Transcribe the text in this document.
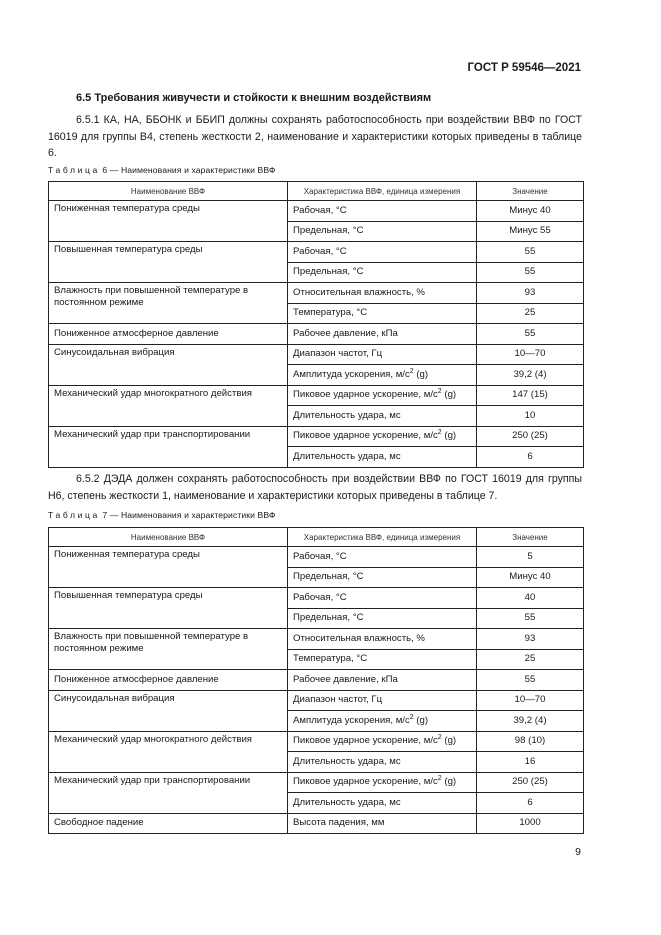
ГОСТ Р 59546—2021
6.5 Требования живучести и стойкости к внешним воздействиям

6.5.1 КА, НА, ББОНК и ББИП должны сохранять работоспособность при воздействии ВВФ по ГОСТ 16019 для группы В4, степень жесткости 2, наименование и характеристики которых приведены в таблице 6.

Таблица 6 — Наименования и характеристики ВВФ
Наименование ВВФ	Характеристика ВВФ, единица измерения	Значение
Пониженная температура среды	Рабочая, °С	Минус 40
	Предельная, °С	Минус 55
Повышенная температура среды	Рабочая, °С	55
	Предельная, °С	55
Влажность при повышенной температуре в постоянном режиме	Относительная влажность, %	93
	Температура, °С	25
Пониженное атмосферное давление	Рабочее давление, кПа	55
Синусоидальная вибрация	Диапазон частот, Гц	10—70
	Амплитуда ускорения, $м/с^2$ (g)	39,2 (4)
Механический удар многократного действия	Пиковое ударное ускорение, $м/с^2$ (g)	147 (15)
	Длительность удара, мс	10
Механический удар при транспортировании	Пиковое ударное ускорение, $м/с^2$ (g)	250 (25)
	Длительность удара, мс	6

6.5.2 ДЭДА должен сохранять работоспособность при воздействии ВВФ по ГОСТ 16019 для группы Н6, степень жесткости 1, наименование и характеристики которых приведены в таблице 7.

Таблица 7 — Наименования и характеристики ВВФ
Наименование ВВФ	Характеристика ВВФ, единица измерения	Значение
Пониженная температура среды	Рабочая, °С	5
	Предельная, °С	Минус 40
Повышенная температура среды	Рабочая, °С	40
	Предельная, °С	55
Влажность при повышенной температуре в постоянном режиме	Относительная влажность, %	93
	Температура, °С	25
Пониженное атмосферное давление	Рабочее давление, кПа	55
Синусоидальная вибрация	Диапазон частот, Гц	10—70
	Амплитуда ускорения, $м/с^2$ (g)	39,2 (4)
Механический удар многократного действия	Пиковое ударное ускорение, $м/с^2$ (g)	98 (10)
	Длительность удара, мс	16
Механический удар при транспортировании	Пиковое ударное ускорение, $м/с^2$ (g)	250 (25)
	Длительность удара, мс	6
Свободное падение	Высота падения, мм	1000
9
